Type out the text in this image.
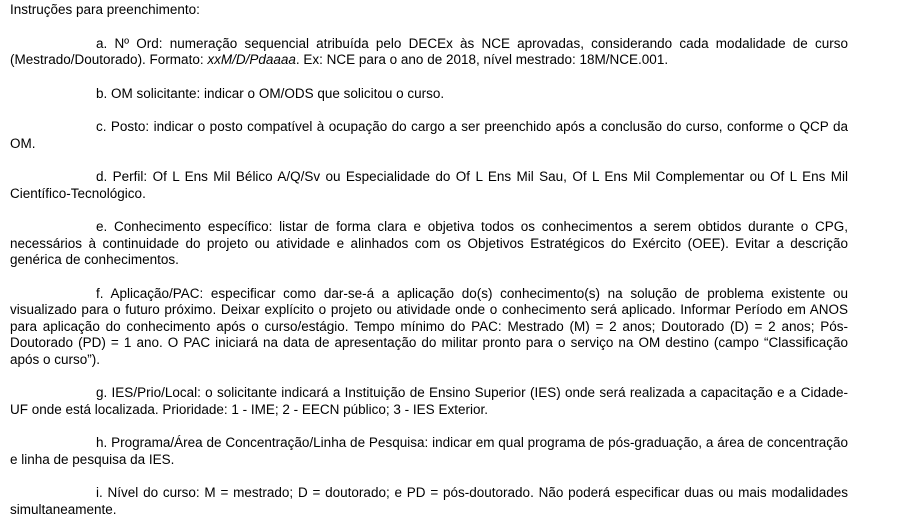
Instruções para preenchimento:

a. Nº Ord: numeração sequencial atribuída pelo DECEx às NCE aprovadas, considerando cada modalidade de curso (Mestrado/Doutorado). Formato: xxM/D/Pdaaaa. Ex: NCE para o ano de 2018, nível mestrado: 18M/NCE.001.

b. OM solicitante: indicar o OM/ODS que solicitou o curso.

c. Posto: indicar o posto compatível à ocupação do cargo a ser preenchido após a conclusão do curso, conforme o QCP da OM.

d. Perfil: Of L Ens Mil Bélico A/Q/Sv ou Especialidade do Of L Ens Mil Sau, Of L Ens Mil Complementar ou Of L Ens Mil Científico-Tecnológico.

e. Conhecimento específico: listar de forma clara e objetiva todos os conhecimentos a serem obtidos durante o CPG, necessários à continuidade do projeto ou atividade e alinhados com os Objetivos Estratégicos do Exército (OEE). Evitar a descrição genérica de conhecimentos.

f. Aplicação/PAC: especificar como dar-se-á a aplicação do(s) conhecimento(s) na solução de problema existente ou visualizado para o futuro próximo. Deixar explícito o projeto ou atividade onde o conhecimento será aplicado. Informar Período em ANOS para aplicação do conhecimento após o curso/estágio. Tempo mínimo do PAC: Mestrado (M) = 2 anos; Doutorado (D) = 2 anos; Pós-Doutorado (PD) = 1 ano. O PAC iniciará na data de apresentação do militar pronto para o serviço na OM destino (campo “Classificação após o curso”).

g. IES/Prio/Local: o solicitante indicará a Instituição de Ensino Superior (IES) onde será realizada a capacitação e a Cidade-UF onde está localizada. Prioridade: 1 - IME; 2 - EECN público; 3 - IES Exterior.

h. Programa/Área de Concentração/Linha de Pesquisa: indicar em qual programa de pós-graduação, a área de concentração e linha de pesquisa da IES.

i. Nível do curso: M = mestrado; D = doutorado; e PD = pós-doutorado. Não poderá especificar duas ou mais modalidades simultaneamente.
